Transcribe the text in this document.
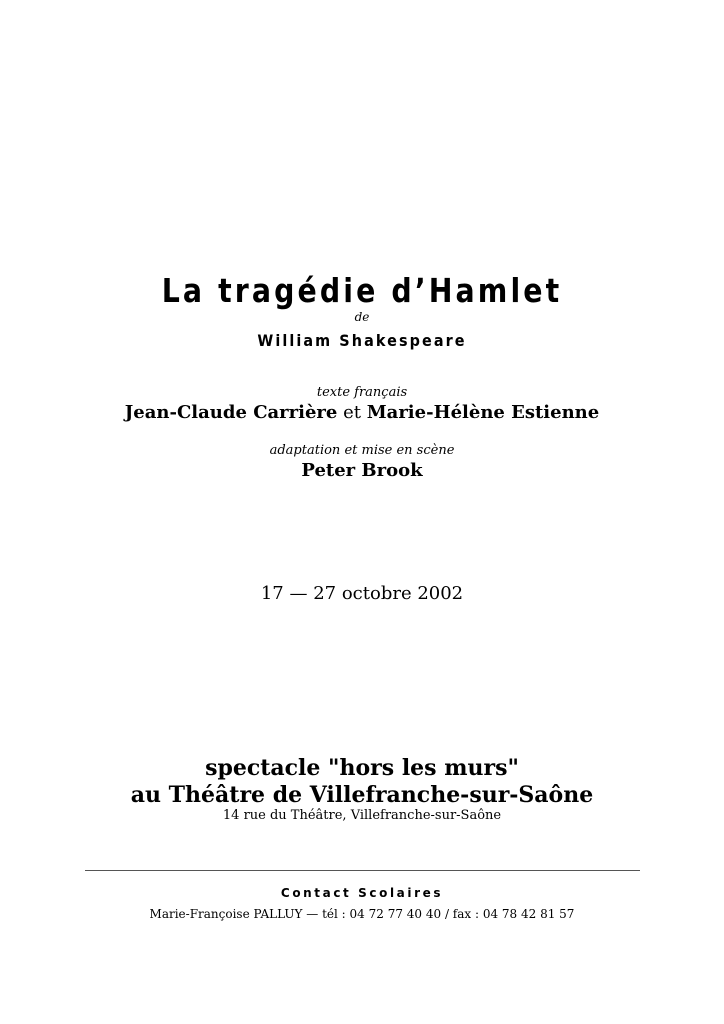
La tragédie d’Hamlet
de
William Shakespeare
texte français
Jean-Claude Carrière et Marie-Hélène Estienne
adaptation et mise en scène
Peter Brook
17 — 27 octobre 2002
spectacle "hors les murs"
au Théâtre de Villefranche-sur-Saône
14 rue du Théâtre, Villefranche-sur-Saône
Contact Scolaires
Marie-Françoise PALLUY — tél : 04 72 77 40 40 / fax : 04 78 42 81 57
